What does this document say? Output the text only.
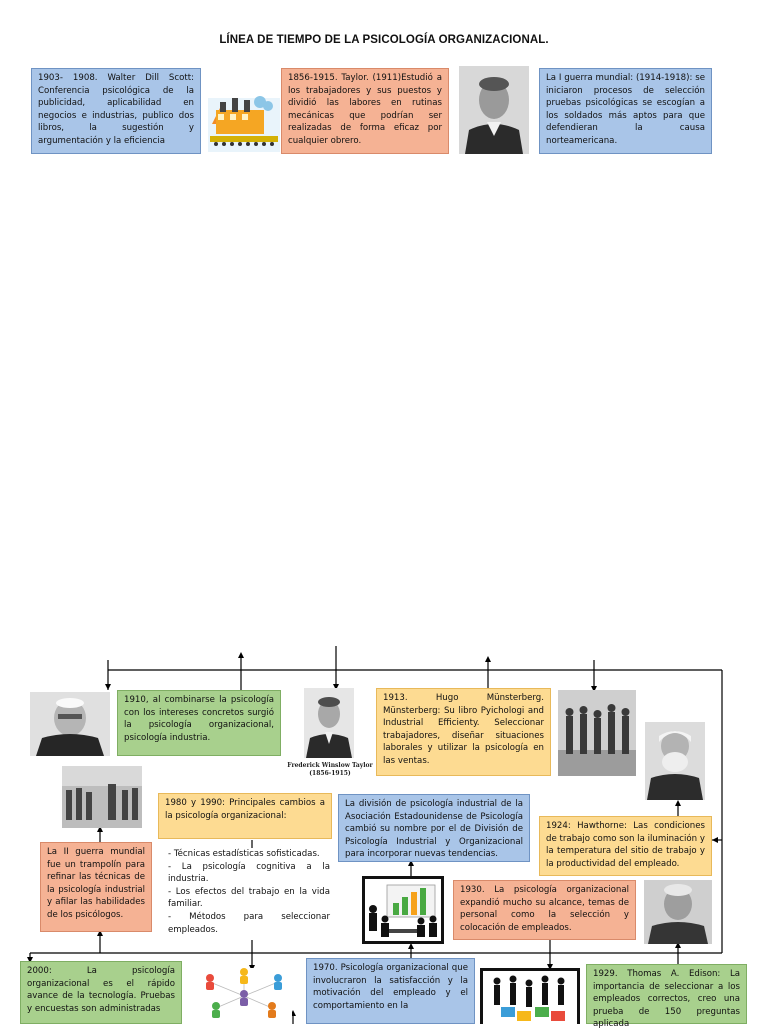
LÍNEA DE TIEMPO DE LA PSICOLOGÍA ORGANIZACIONAL.
1903- 1908. Walter Dill Scott: Conferencia psicológica de la publicidad, aplicabilidad en negocios e industrias, publico dos libros, la sugestión y argumentación y la eficiencia
1856-1915. Taylor. (1911)Estudió a los trabajadores y sus puestos y dividió las labores en rutinas mecánicas que podrían ser realizadas de forma eficaz por cualquier obrero.
La I guerra mundial: (1914-1918): se iniciaron procesos de selección pruebas psicológicas se escogían a los soldados más aptos para que defendieran la causa norteamericana.
1910, al combinarse la psicología con los intereses concretos surgió la psicología organizacional, psicología industria.
Frederick Winslow Taylor
(1856-1915)
1913. Hugo Münsterberg. Münsterberg: Su libro Pyichologi and Industrial Efficienty. Seleccionar trabajadores, diseñar situaciones laborales y utilizar la psicología en las ventas.
1980 y 1990: Principales cambios a la psicología organizacional:
- Técnicas estadísticas sofisticadas.
- La psicología cognitiva a la industria.
- Los efectos del trabajo en la vida familiar.
- Métodos para seleccionar empleados.
La división de psicología industrial de la Asociación Estadounidense de Psicología cambió su nombre por el de División de Psicología Industrial y Organizacional para incorporar nuevas tendencias.
1924: Hawthorne: Las condiciones de trabajo como son la iluminación y la temperatura del sitio de trabajo y la productividad del empleado.
La II guerra mundial fue un trampolín para refinar las técnicas de la psicología industrial y afilar las habilidades de los psicólogos.
1930. La psicología organizacional expandió mucho su alcance, temas de personal como la selección y colocación de empleados.
2000: La psicología organizacional es el rápido avance de la tecnología. Pruebas y encuestas son administradas
1970. Psicología organizacional que involucraron la satisfacción y la motivación del empleado y el comportamiento en la
1929. Thomas A. Edison: La importancia de seleccionar a los empleados correctos, creo una prueba de 150 preguntas aplicada
